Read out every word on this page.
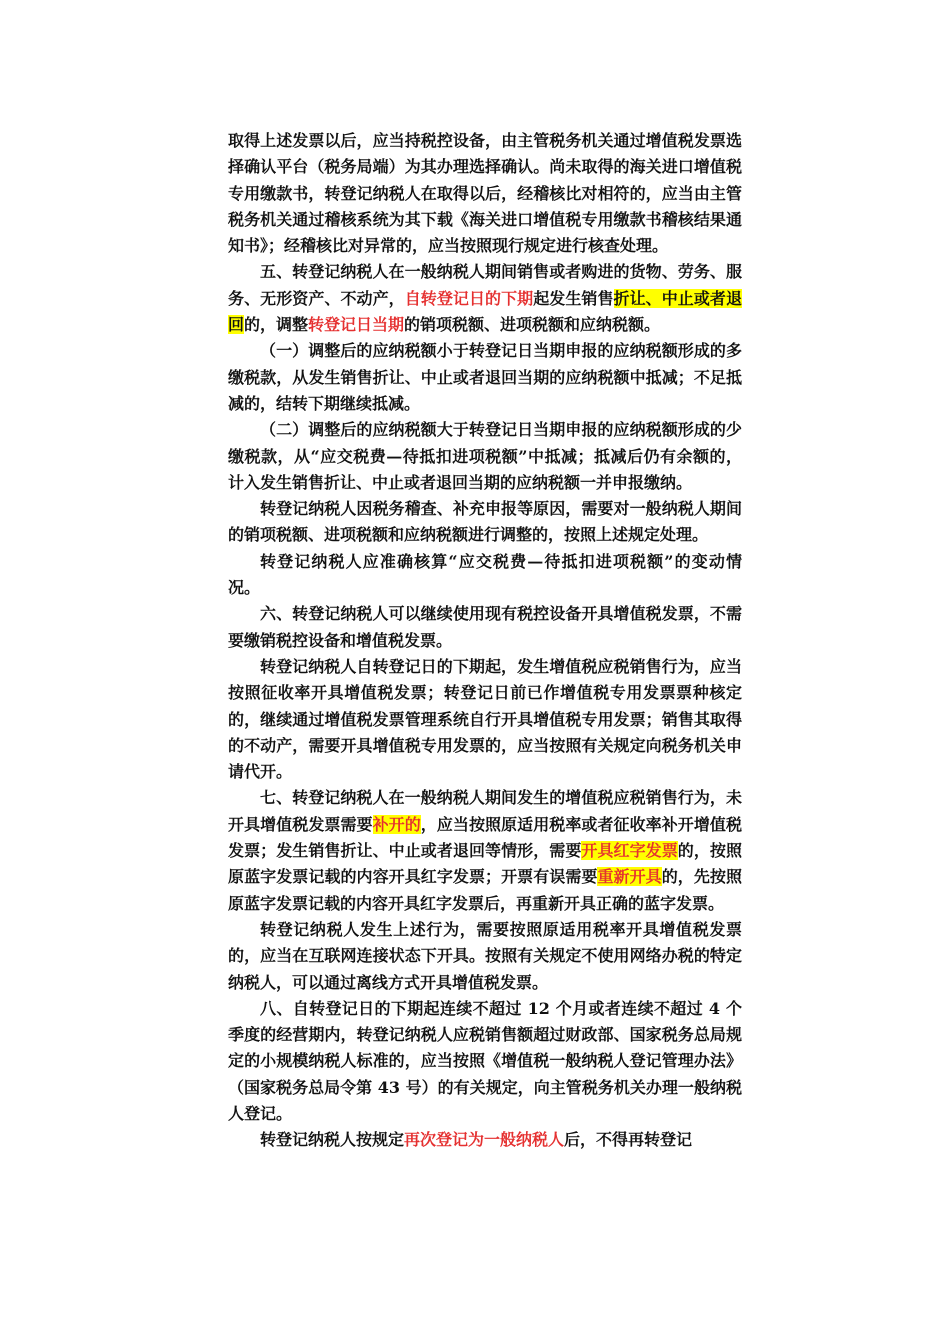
取得上述发票以后，应当持税控设备，由主管税务机关通过增值税发票选择确认平台（税务局端）为其办理选择确认。尚未取得的海关进口增值税专用缴款书，转登记纳税人在取得以后，经稽核比对相符的，应当由主管税务机关通过稽核系统为其下载《海关进口增值税专用缴款书稽核结果通知书》；经稽核比对异常的，应当按照现行规定进行核查处理。

五、转登记纳税人在一般纳税人期间销售或者购进的货物、劳务、服务、无形资产、不动产，自转登记日的下期起发生销售折让、中止或者退回的，调整转登记日当期的销项税额、进项税额和应纳税额。

（一）调整后的应纳税额小于转登记日当期申报的应纳税额形成的多缴税款，从发生销售折让、中止或者退回当期的应纳税额中抵减；不足抵减的，结转下期继续抵减。

（二）调整后的应纳税额大于转登记日当期申报的应纳税额形成的少缴税款，从“应交税费—待抵扣进项税额”中抵减；抵减后仍有余额的，计入发生销售折让、中止或者退回当期的应纳税额一并申报缴纳。

转登记纳税人因税务稽查、补充申报等原因，需要对一般纳税人期间的销项税额、进项税额和应纳税额进行调整的，按照上述规定处理。

转登记纳税人应准确核算“应交税费—待抵扣进项税额”的变动情况。

六、转登记纳税人可以继续使用现有税控设备开具增值税发票，不需要缴销税控设备和增值税发票。

转登记纳税人自转登记日的下期起，发生增值税应税销售行为，应当按照征收率开具增值税发票；转登记日前已作增值税专用发票票种核定的，继续通过增值税发票管理系统自行开具增值税专用发票；销售其取得的不动产，需要开具增值税专用发票的，应当按照有关规定向税务机关申请代开。

七、转登记纳税人在一般纳税人期间发生的增值税应税销售行为，未开具增值税发票需要补开的，应当按照原适用税率或者征收率补开增值税发票；发生销售折让、中止或者退回等情形，需要开具红字发票的，按照原蓝字发票记载的内容开具红字发票；开票有误需要重新开具的，先按照原蓝字发票记载的内容开具红字发票后，再重新开具正确的蓝字发票。

转登记纳税人发生上述行为，需要按照原适用税率开具增值税发票的，应当在互联网连接状态下开具。按照有关规定不使用网络办税的特定纳税人，可以通过离线方式开具增值税发票。

八、自转登记日的下期起连续不超过 12 个月或者连续不超过 4 个季度的经营期内，转登记纳税人应税销售额超过财政部、国家税务总局规定的小规模纳税人标准的，应当按照《增值税一般纳税人登记管理办法》（国家税务总局令第 43 号）的有关规定，向主管税务机关办理一般纳税人登记。

转登记纳税人按规定再次登记为一般纳税人后，不得再转登记
